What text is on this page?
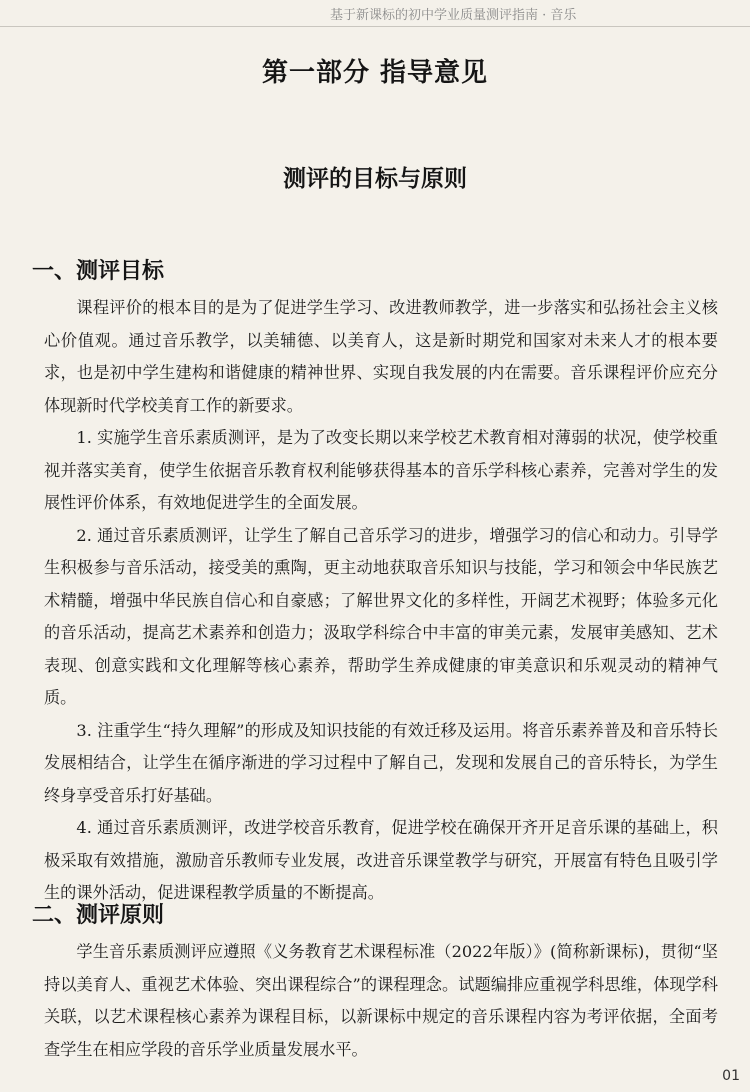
基于新课标的初中学业质量测评指南 · 音乐
第一部分 指导意见
测评的目标与原则
一、测评目标

课程评价的根本目的是为了促进学生学习、改进教师教学，进一步落实和弘扬社会主义核心价值观。通过音乐教学，以美辅德、以美育人，这是新时期党和国家对未来人才的根本要求，也是初中学生建构和谐健康的精神世界、实现自我发展的内在需要。音乐课程评价应充分体现新时代学校美育工作的新要求。

1. 实施学生音乐素质测评，是为了改变长期以来学校艺术教育相对薄弱的状况，使学校重视并落实美育，使学生依据音乐教育权利能够获得基本的音乐学科核心素养，完善对学生的发展性评价体系，有效地促进学生的全面发展。

2. 通过音乐素质测评，让学生了解自己音乐学习的进步，增强学习的信心和动力。引导学生积极参与音乐活动，接受美的熏陶，更主动地获取音乐知识与技能，学习和领会中华民族艺术精髓，增强中华民族自信心和自豪感；了解世界文化的多样性，开阔艺术视野；体验多元化的音乐活动，提高艺术素养和创造力；汲取学科综合中丰富的审美元素，发展审美感知、艺术表现、创意实践和文化理解等核心素养，帮助学生养成健康的审美意识和乐观灵动的精神气质。

3. 注重学生“持久理解”的形成及知识技能的有效迁移及运用。将音乐素养普及和音乐特长发展相结合，让学生在循序渐进的学习过程中了解自己，发现和发展自己的音乐特长，为学生终身享受音乐打好基础。

4. 通过音乐素质测评，改进学校音乐教育，促进学校在确保开齐开足音乐课的基础上，积极采取有效措施，激励音乐教师专业发展，改进音乐课堂教学与研究，开展富有特色且吸引学生的课外活动，促进课程教学质量的不断提高。

二、测评原则

学生音乐素质测评应遵照《义务教育艺术课程标准（2022年版）》(简称新课标)，贯彻“坚持以美育人、重视艺术体验、突出课程综合”的课程理念。试题编排应重视学科思维，体现学科关联，以艺术课程核心素养为课程目标，以新课标中规定的音乐课程内容为考评依据，全面考查学生在相应学段的音乐学业质量发展水平。

01
